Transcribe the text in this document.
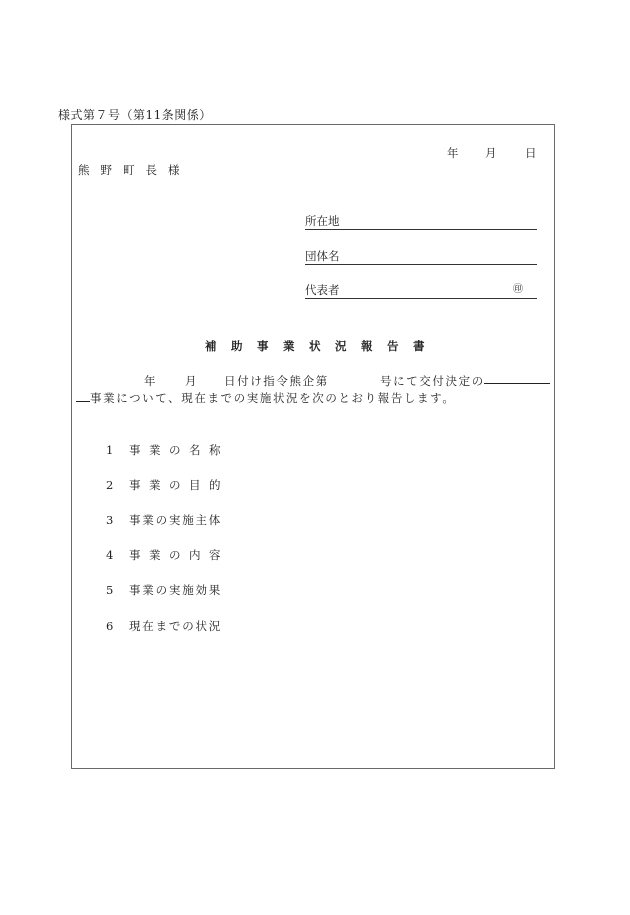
様式第７号（第11条関係）
年 月 日
熊野町長様
所在地
団体名
代表者	㊞
補助事業状況報告書
年 月 日付け指令熊企第	号にて交付決定の
事業について、現在までの実施状況を次のとおり報告します。
1 事業の名称
2 事業の目的
3 事業の実施主体
4 事業の内容
5 事業の実施効果
6 現在までの状況
